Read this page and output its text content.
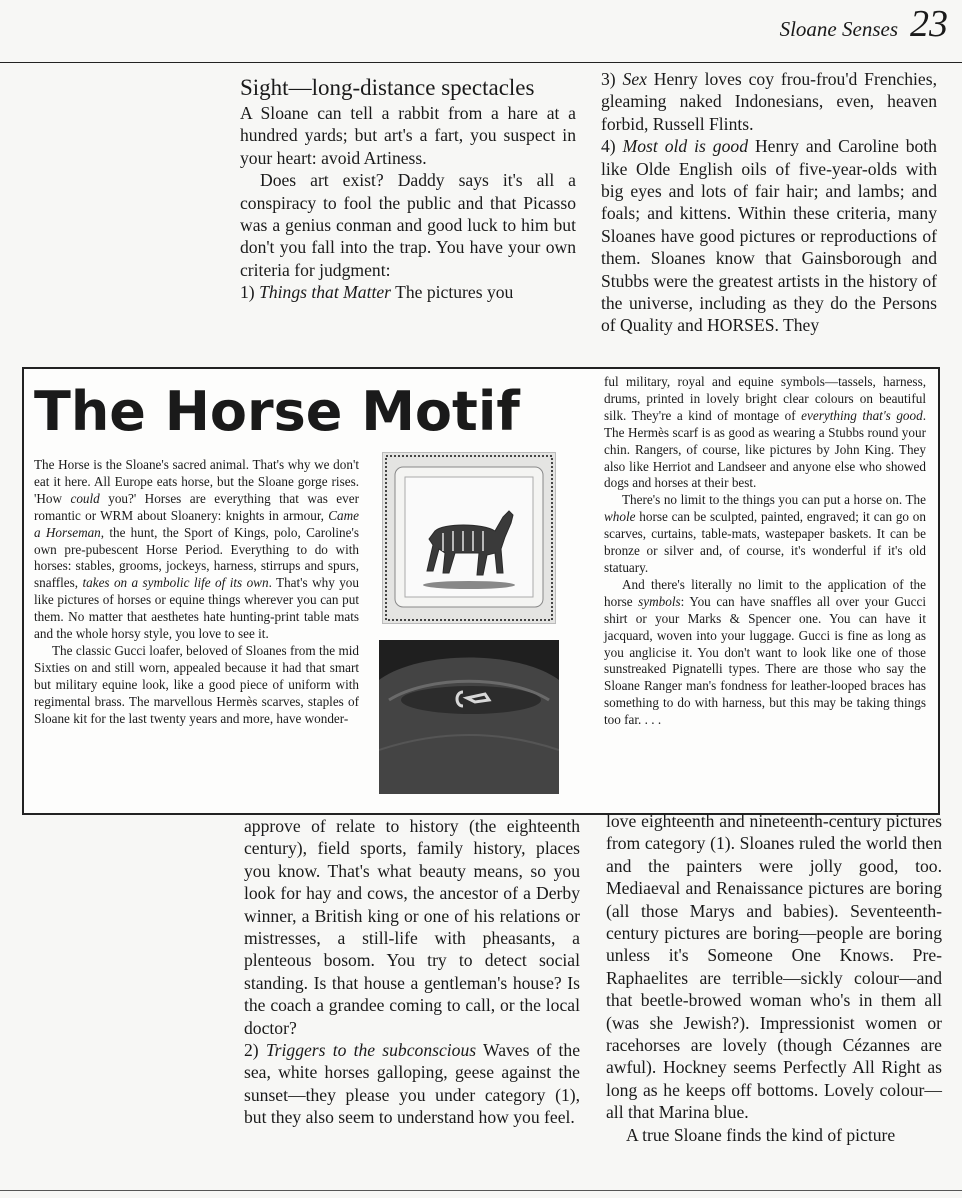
Sloane Senses 23

Sight—long-distance spectacles

A Sloane can tell a rabbit from a hare at a hundred yards; but art's a fart, you suspect in your heart: avoid Artiness.

Does art exist? Daddy says it's all a conspiracy to fool the public and that Picasso was a genius conman and good luck to him but don't you fall into the trap. You have your own criteria for judgment:

1) Things that Matter The pictures you

3) Sex Henry loves coy frou-frou'd Frenchies, gleaming naked Indonesians, even, heaven forbid, Russell Flints.

4) Most old is good Henry and Caroline both like Olde English oils of five-year-olds with big eyes and lots of fair hair; and lambs; and foals; and kittens. Within these criteria, many Sloanes have good pictures or reproductions of them. Sloanes know that Gainsborough and Stubbs were the greatest artists in the history of the universe, including as they do the Persons of Quality and HORSES. They

The Horse Motif

The Horse is the Sloane's sacred animal. That's why we don't eat it here. All Europe eats horse, but the Sloane gorge rises. 'How could you?' Horses are everything that was ever romantic or WRM about Sloanery: knights in armour, Came a Horseman, the hunt, the Sport of Kings, polo, Caroline's own pre-pubescent Horse Period. Everything to do with horses: stables, grooms, jockeys, harness, stirrups and spurs, snaffles, takes on a symbolic life of its own. That's why you like pictures of horses or equine things wherever you can put them. No matter that aesthetes hate hunting-print table mats and the whole horsy style, you love to see it.

The classic Gucci loafer, beloved of Sloanes from the mid Sixties on and still worn, appealed because it had that smart but military equine look, like a good piece of uniform with regimental brass. The marvellous Hermès scarves, staples of Sloane kit for the last twenty years and more, have wonder-

ful military, royal and equine symbols—tassels, harness, drums, printed in lovely bright clear colours on beautiful silk. They're a kind of montage of everything that's good. The Hermès scarf is as good as wearing a Stubbs round your chin. Rangers, of course, like pictures by John King. They also like Herriot and Landseer and anyone else who showed dogs and horses at their best.

There's no limit to the things you can put a horse on. The whole horse can be sculpted, painted, engraved; it can go on scarves, curtains, table-mats, wastepaper baskets. It can be bronze or silver and, of course, it's wonderful if it's old statuary.

And there's literally no limit to the application of the horse symbols: You can have snaffles all over your Gucci shirt or your Marks & Spencer one. You can have it jacquard, woven into your luggage. Gucci is fine as long as you anglicise it. You don't want to look like one of those sunstreaked Pignatelli types. There are those who say the Sloane Ranger man's fondness for leather-looped braces has something to do with harness, but this may be taking things too far. . . .

approve of relate to history (the eighteenth century), field sports, family history, places you know. That's what beauty means, so you look for hay and cows, the ancestor of a Derby winner, a British king or one of his relations or mistresses, a still-life with pheasants, a plenteous bosom. You try to detect social standing. Is that house a gentleman's house? Is the coach a grandee coming to call, or the local doctor?

2) Triggers to the subconscious Waves of the sea, white horses galloping, geese against the sunset—they please you under category (1), but they also seem to understand how you feel.

love eighteenth and nineteenth-century pictures from category (1). Sloanes ruled the world then and the painters were jolly good, too. Mediaeval and Renaissance pictures are boring (all those Marys and babies). Seventeenth-century pictures are boring—people are boring unless it's Someone One Knows. Pre-Raphaelites are terrible—sickly colour—and that beetle-browed woman who's in them all (was she Jewish?). Impressionist women or racehorses are lovely (though Cézannes are awful). Hockney seems Perfectly All Right as long as he keeps off bottoms. Lovely colour—all that Marina blue.

A true Sloane finds the kind of picture
